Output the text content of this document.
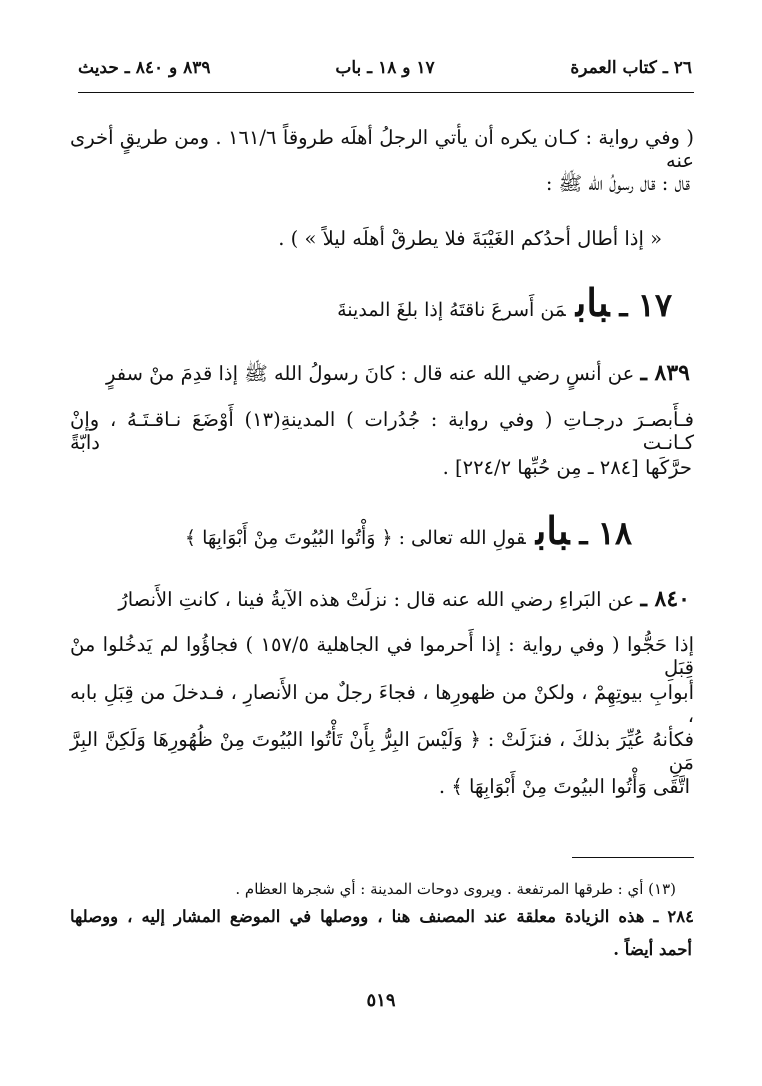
٢٦ ـ كتاب العمرة
١٧ و ١٨ ـ باب
٨٣٩ و ٨٤٠ ـ حديث
( وفي رواية : كـان يكره أن يأتي الرجلُ أهلَه طروقاً ١٦١/٦ . ومن طريقٍ أخرى عنه
قال : قال رسولُ الله ﷺ :
« إذا أطال أحدُكم الغَيْبَةَ فلا يطرقْ أهلَه ليلاً » ) .
١٧ـبابمَن أَسرعَ ناقتَهُ إذا بلغَ المدينةَ
٨٣٩ ـ عن أنسٍ رضي الله عنه قال : كانَ رسولُ الله ﷺ إذا قدِمَ منْ سفرٍ
فـأَبصـرَ درجـاتِ ( وفي رواية : جُدُرات ) المدينةِ(١٣) أَوْضَعَ نـاقـتَـهُ ، وإنْ كـانـت دابّةً
حرَّكَها [٢٨٤ ـ مِن حُبِّها ٢٢٤/٢] .
١٨ـبابقولِ الله تعالى : ﴿ وَأْتُوا البُيُوتَ مِنْ أَبْوَابِهَا ﴾
٨٤٠ ـ عن البَراءِ رضي الله عنه قال : نزلَتْ هذه الآيةُ فينا ، كانتِ الأَنصارُ
إذا حَجُّوا ( وفي رواية : إذا أَحرموا في الجاهلية ١٥٧/٥ ) فجاؤُوا لم يَدخُلوا منْ قِبَلِ
أبوابِ بيوتِهِمْ ، ولكنْ من ظهورِها ، فجاءَ رجلٌ من الأَنصارِ ، فـدخلَ من قِبَلِ بابه ،
فكأنهُ عُيِّرَ بذلكَ ، فنزَلَتْ : ﴿ وَلَيْسَ البِرُّ بِأَنْ تَأْتُوا البُيُوتَ مِنْ ظُهُورِهَا وَلَكِنَّ البِرَّ مَنِ
اتَّقَى وَأْتُوا البيُوتَ مِنْ أَبْوَابِهَا ﴾ .
(١٣) أي : طرقها المرتفعة . ويروى دوحات المدينة : أي شجرها العظام .
٢٨٤ ـ هذه الزيادة معلقة عند المصنف هنا ، ووصلها في الموضع المشار إليه ، ووصلها
أحمد أيضاً .
٥١٩
